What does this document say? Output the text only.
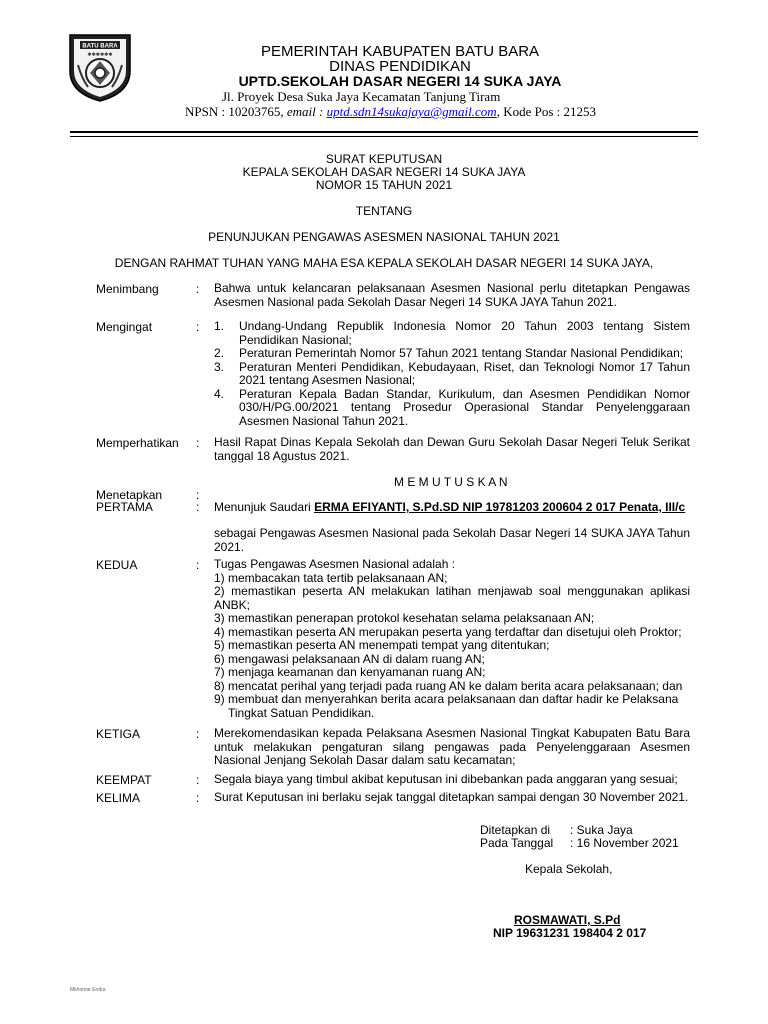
BATU BARA
✱✱✱✱✱✱	PEMERINTAH KABUPATEN BATU BARA
DINAS PENDIDIKAN
UPTD.SEKOLAH DASAR NEGERI 14 SUKA JAYA
Jl. Proyek Desa Suka Jaya Kecamatan Tanjung Tiram
NPSN : 10203765, email : uptd.sdn14sukajaya@gmail.com, Kode Pos : 21253
SURAT KEPUTUSAN
KEPALA SEKOLAH DASAR NEGERI 14 SUKA JAYA
NOMOR 15 TAHUN 2021
TENTANG
PENUNJUKAN PENGAWAS ASESMEN NASIONAL TAHUN 2021
DENGAN RAHMAT TUHAN YANG MAHA ESA KEPALA SEKOLAH DASAR NEGERI 14 SUKA JAYA,
Menimbang	: Bahwa untuk kelancaran pelaksanaan Asesmen Nasional perlu ditetapkan Pengawas Asesmen Nasional pada Sekolah Dasar Negeri 14 SUKA JAYA Tahun 2021.
Mengingat	: 1. Undang-Undang Republik Indonesia Nomor 20 Tahun 2003 tentang Sistem Pendidikan Nasional;
2. Peraturan Pemerintah Nomor 57 Tahun 2021 tentang Standar Nasional Pendidikan;
3. Peraturan Menteri Pendidikan, Kebudayaan, Riset, dan Teknologi Nomor 17 Tahun 2021 tentang Asesmen Nasional;
4. Peraturan Kepala Badan Standar, Kurikulum, dan Asesmen Pendidikan Nomor 030/H/PG.00/2021 tentang Prosedur Operasional Standar Penyelenggaraan Asesmen Nasional Tahun 2021.
Memperhatikan : Hasil Rapat Dinas Kepala Sekolah dan Dewan Guru Sekolah Dasar Negeri Teluk Serikat tanggal 18 Agustus 2021.
M E M U T U S K A N
Menetapkan	:
PERTAMA	: Menunjuk Saudari ERMA EFIYANTI, S.Pd.SD NIP 19781203 200604 2 017 Penata, III/c
sebagai Pengawas Asesmen Nasional pada Sekolah Dasar Negeri 14 SUKA JAYA Tahun 2021.
KEDUA	: Tugas Pengawas Asesmen Nasional adalah :
1) membacakan tata tertib pelaksanaan AN;
2) memastikan peserta AN melakukan latihan menjawab soal menggunakan aplikasi ANBK;
3) memastikan penerapan protokol kesehatan selama pelaksanaan AN;
4) memastikan peserta AN merupakan peserta yang terdaftar dan disetujui oleh Proktor;
5) memastikan peserta AN menempati tempat yang ditentukan;
6) mengawasi pelaksanaan AN di dalam ruang AN;
7) menjaga keamanan dan kenyamanan ruang AN;
8) mencatat perihal yang terjadi pada ruang AN ke dalam berita acara pelaksanaan; dan
9) membuat dan menyerahkan berita acara pelaksanaan dan daftar hadir ke Pelaksana
Tingkat Satuan Pendidikan.
KETIGA	: Merekomendasikan kepada Pelaksana Asesmen Nasional Tingkat Kabupaten Batu Bara untuk melakukan pengaturan silang pengawas pada Penyelenggaraan Asesmen Nasional Jenjang Sekolah Dasar dalam satu kecamatan;
KEEMPAT	: Segala biaya yang timbul akibat keputusan ini dibebankan pada anggaran yang sesuai;
KELIMA	: Surat Keputusan ini berlaku sejak tanggal ditetapkan sampai dengan 30 November 2021.
Ditetapkan di : Suka Jaya
Pada Tanggal : 16 November 2021
Kepala Sekolah,
ROSMAWATI, S.Pd
NIP 19631231 198404 2 017
Mkhomar Endra
